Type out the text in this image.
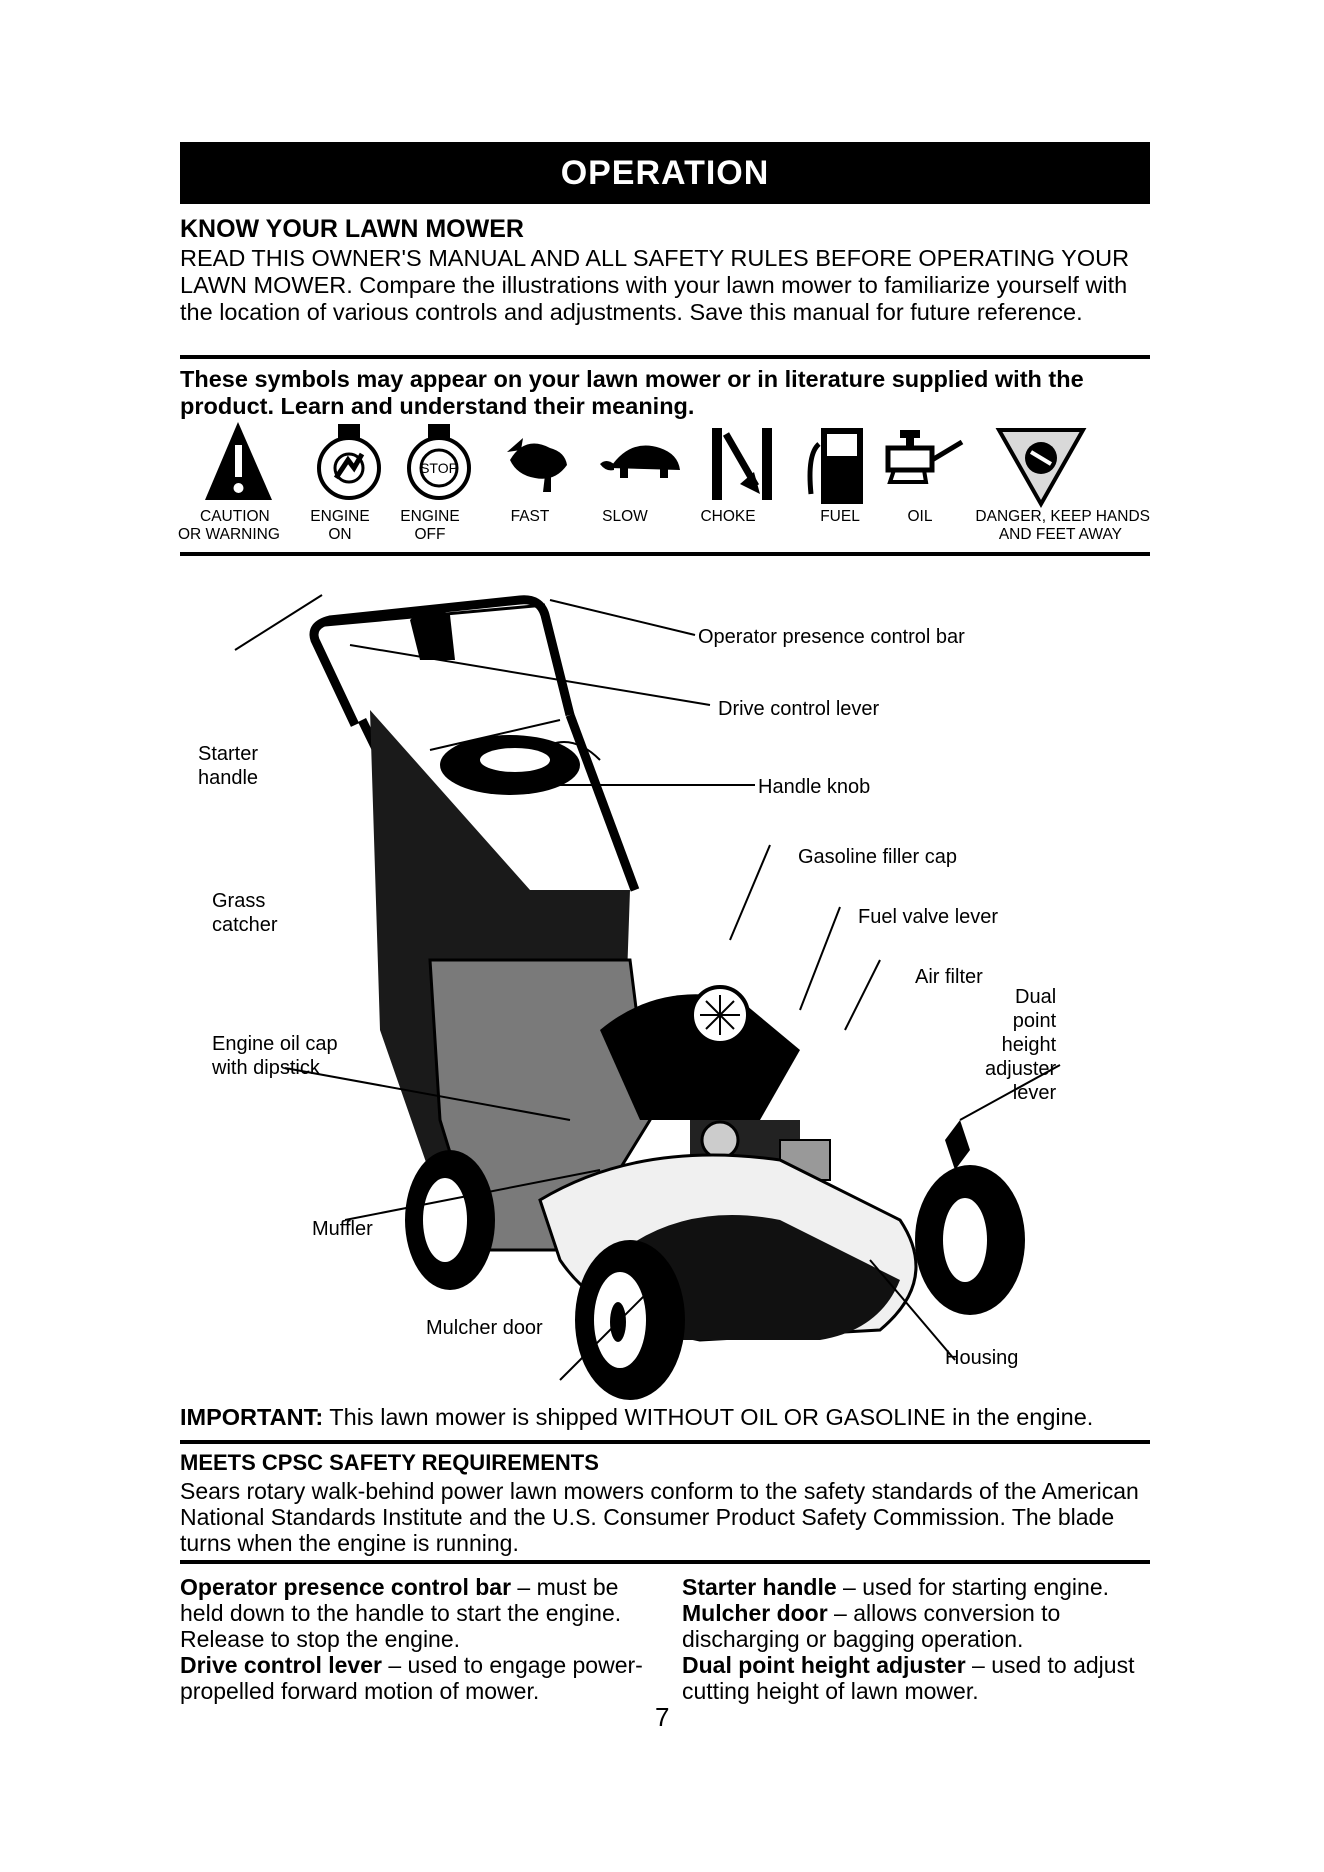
OPERATION
KNOW YOUR LAWN MOWER
READ THIS OWNER'S MANUAL AND ALL SAFETY RULES BEFORE OPERATING YOUR LAWN MOWER. Compare the illustrations with your lawn mower to familiarize yourself with the location of various controls and adjustments. Save this manual for future reference.
These symbols may appear on your lawn mower or in literature supplied with the product. Learn and understand their meaning.
STOP
CAUTION
OR WARNING
ENGINE
ON
ENGINE
OFF
FAST	SLOW	CHOKE	FUEL	OIL	DANGER, KEEP HANDS
AND FEET AWAY
Operator presence control bar
Drive control lever
Starter
handle	Handle knob
Gasoline filler cap
Grass
catcher	Fuel valve lever
Air filter
Dual
point
height
adjuster
lever
Engine oil cap
with dipstick
Muffler
Mulcher door
Housing
IMPORTANT: This lawn mower is shipped WITHOUT OIL OR GASOLINE in the engine.
MEETS CPSC SAFETY REQUIREMENTS
Sears rotary walk-behind power lawn mowers conform to the safety standards of the American National Standards Institute and the U.S. Consumer Product Safety Commission. The blade turns when the engine is running.
Operator presence control bar – must be held down to the handle to start the engine. Release to stop the engine.
Drive control lever – used to engage power-propelled forward motion of mower.
Starter handle – used for starting engine.
Mulcher door – allows conversion to discharging or bagging operation.
Dual point height adjuster – used to adjust cutting height of lawn mower.
7
